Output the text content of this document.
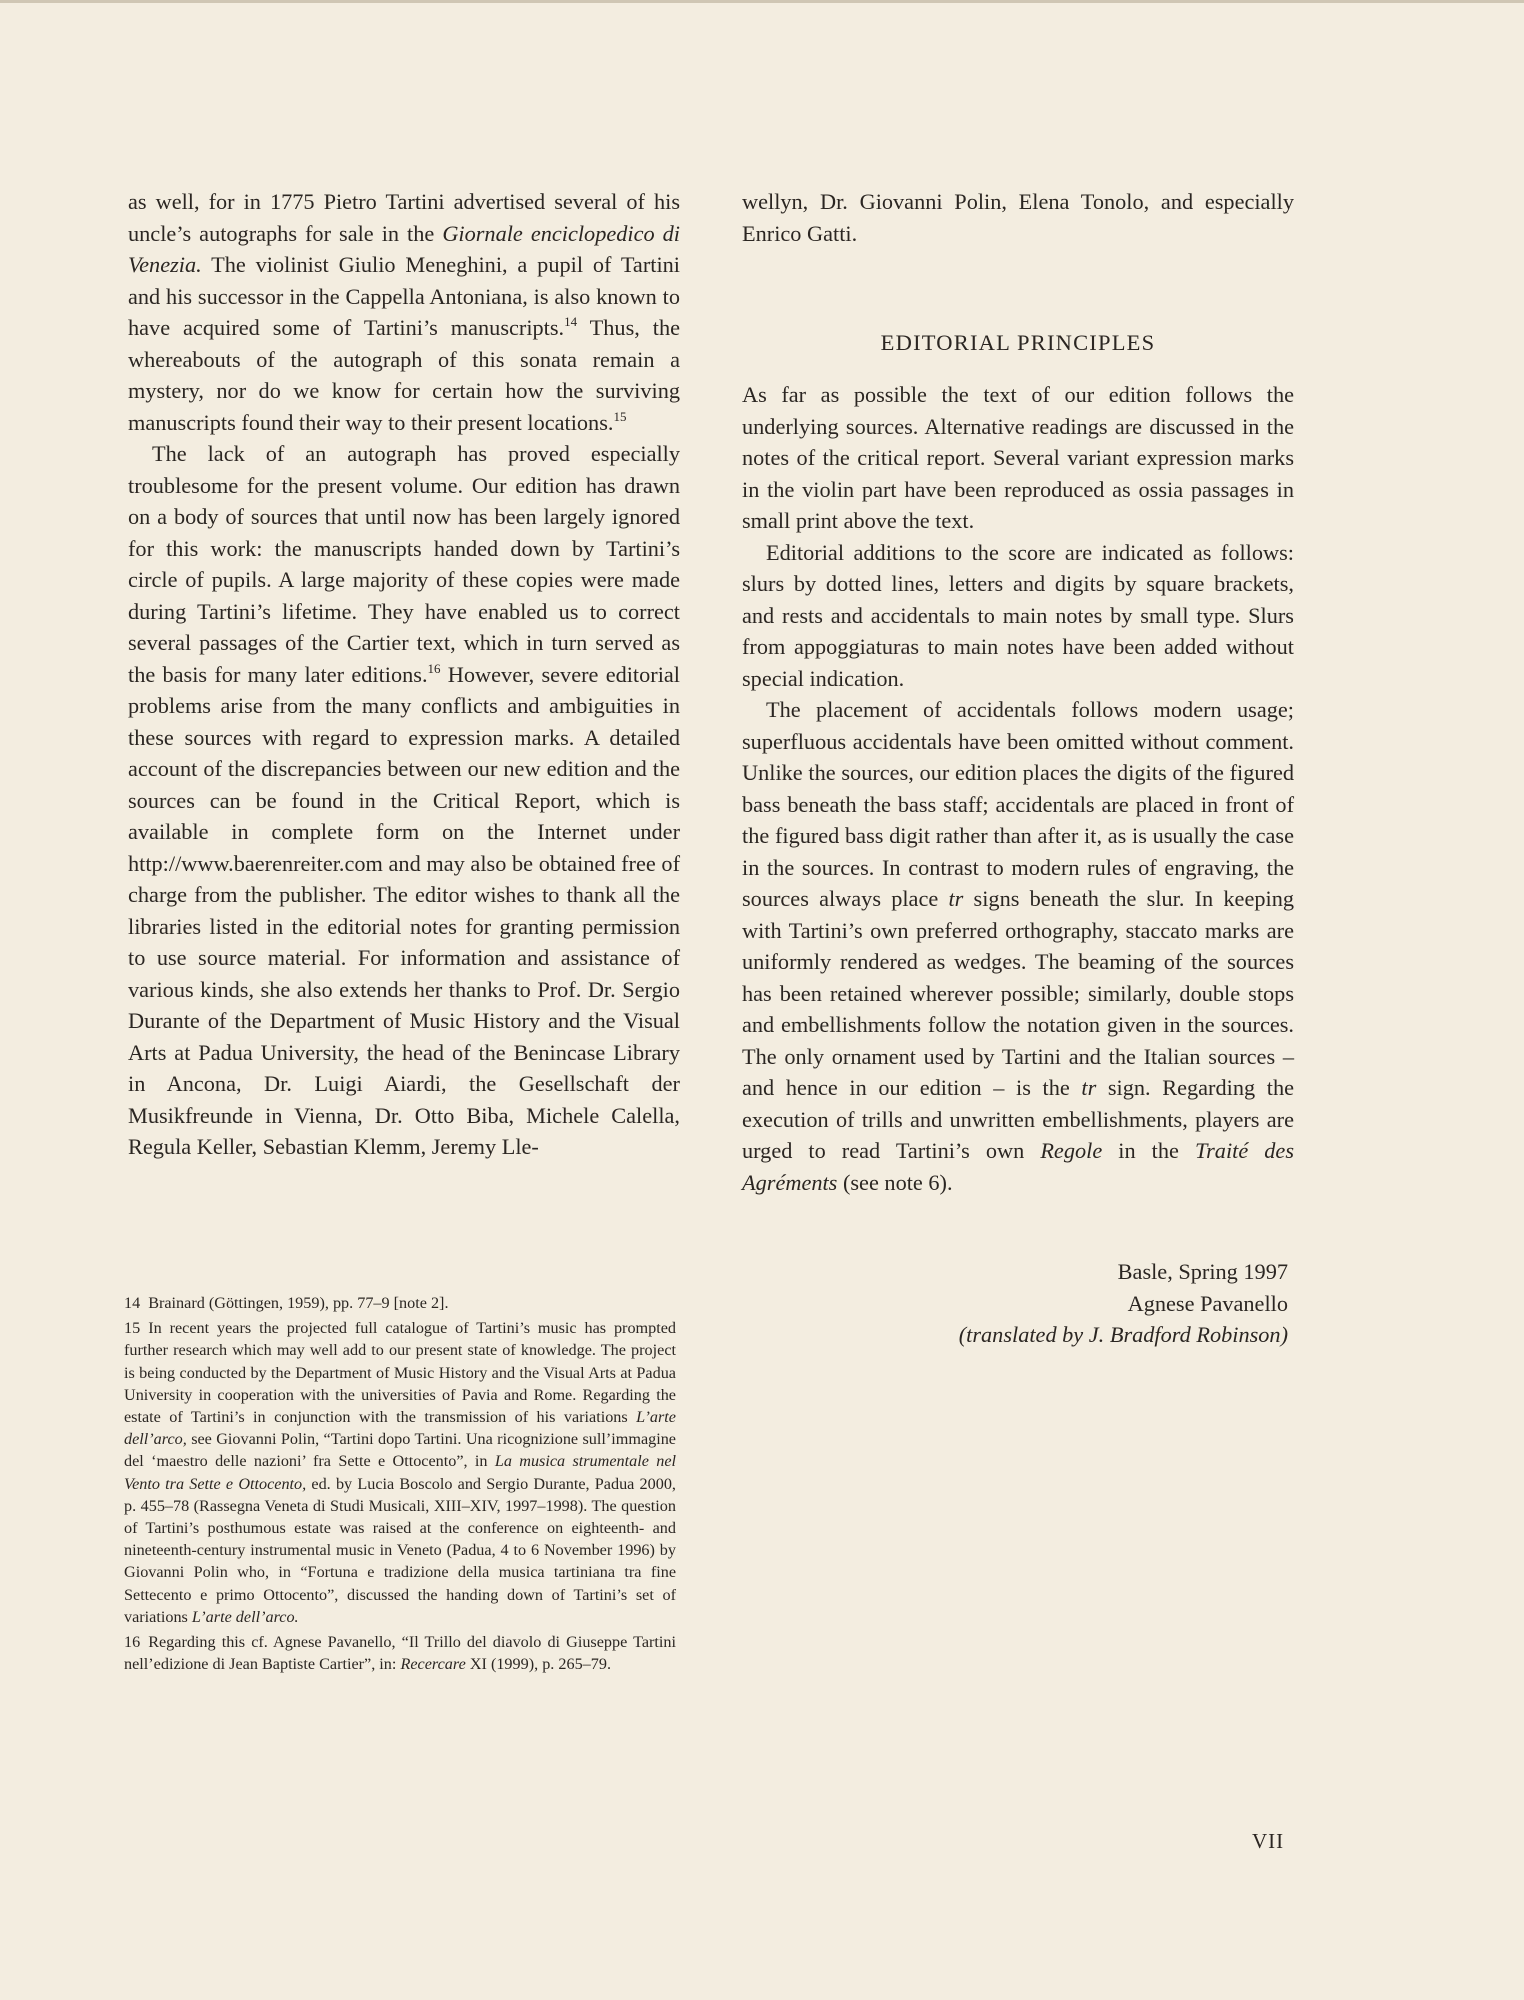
as well, for in 1775 Pietro Tartini advertised several of his uncle’s autographs for sale in the Giornale enciclopedico di Venezia. The violinist Giulio Meneghini, a pupil of Tartini and his successor in the Cappella Antoniana, is also known to have acquired some of Tartini’s manuscripts.$^{14}$ Thus, the whereabouts of the autograph of this sonata remain a mystery, nor do we know for certain how the surviving manuscripts found their way to their present locations.$^{15}$

The lack of an autograph has proved especially troublesome for the present volume. Our edition has drawn on a body of sources that until now has been largely ignored for this work: the manuscripts handed down by Tartini’s circle of pupils. A large majority of these copies were made during Tartini’s lifetime. They have enabled us to correct several passages of the Cartier text, which in turn served as the basis for many later editions.$^{16}$ However, severe editorial problems arise from the many conflicts and ambiguities in these sources with regard to expression marks. A detailed account of the discrepancies between our new edition and the sources can be found in the Critical Report, which is available in complete form on the Internet under http://www.baerenreiter.com and may also be obtained free of charge from the publisher. The editor wishes to thank all the libraries listed in the editorial notes for granting permission to use source material. For information and assistance of various kinds, she also extends her thanks to Prof. Dr. Sergio Durante of the Department of Music History and the Visual Arts at Padua University, the head of the Benincase Library in Ancona, Dr. Luigi Aiardi, the Gesellschaft der Musikfreunde in Vienna, Dr. Otto Biba, Michele Calella, Regula Keller, Sebastian Klemm, Jeremy Lle-

wellyn, Dr. Giovanni Polin, Elena Tonolo, and especially Enrico Gatti.

EDITORIAL PRINCIPLES

As far as possible the text of our edition follows the underlying sources. Alternative readings are discussed in the notes of the critical report. Several variant expression marks in the violin part have been reproduced as ossia passages in small print above the text.

Editorial additions to the score are indicated as follows: slurs by dotted lines, letters and digits by square brackets, and rests and accidentals to main notes by small type. Slurs from appoggiaturas to main notes have been added without special indication.

The placement of accidentals follows modern usage; superfluous accidentals have been omitted without comment. Unlike the sources, our edition places the digits of the figured bass beneath the bass staff; accidentals are placed in front of the figured bass digit rather than after it, as is usually the case in the sources. In contrast to modern rules of engraving, the sources always place tr signs beneath the slur. In keeping with Tartini’s own preferred orthography, staccato marks are uniformly rendered as wedges. The beaming of the sources has been retained wherever possible; similarly, double stops and embellishments follow the notation given in the sources. The only ornament used by Tartini and the Italian sources – and hence in our edition – is the tr sign. Regarding the execution of trills and unwritten embellishments, players are urged to read Tartini’s own Regole in the Traité des Agréments (see note 6).

Basle, Spring 1997
Agnese Pavanello
(translated by J. Bradford Robinson)

14 Brainard (Göttingen, 1959), pp. 77–9 [note 2].

15 In recent years the projected full catalogue of Tartini’s music has prompted further research which may well add to our present state of knowledge. The project is being conducted by the Department of Music History and the Visual Arts at Padua University in cooperation with the universities of Pavia and Rome. Regarding the estate of Tartini’s in conjunction with the transmission of his variations L’arte dell’arco, see Giovanni Polin, “Tartini dopo Tartini. Una ricognizione sull’immagine del ‘maestro delle nazioni’ fra Sette e Ottocento”, in La musica strumentale nel Vento tra Sette e Ottocento, ed. by Lucia Boscolo and Sergio Durante, Padua 2000, p. 455–78 (Rassegna Veneta di Studi Musicali, XIII–XIV, 1997–1998). The question of Tartini’s posthumous estate was raised at the conference on eighteenth- and nineteenth-century instrumental music in Veneto (Padua, 4 to 6 November 1996) by Giovanni Polin who, in “Fortuna e tradizione della musica tartiniana tra fine Settecento e primo Ottocento”, discussed the handing down of Tartini’s set of variations L’arte dell’arco.

16 Regarding this cf. Agnese Pavanello, “Il Trillo del diavolo di Giuseppe Tartini nell’edizione di Jean Baptiste Cartier”, in: Recercare XI (1999), p. 265–79.

VII
